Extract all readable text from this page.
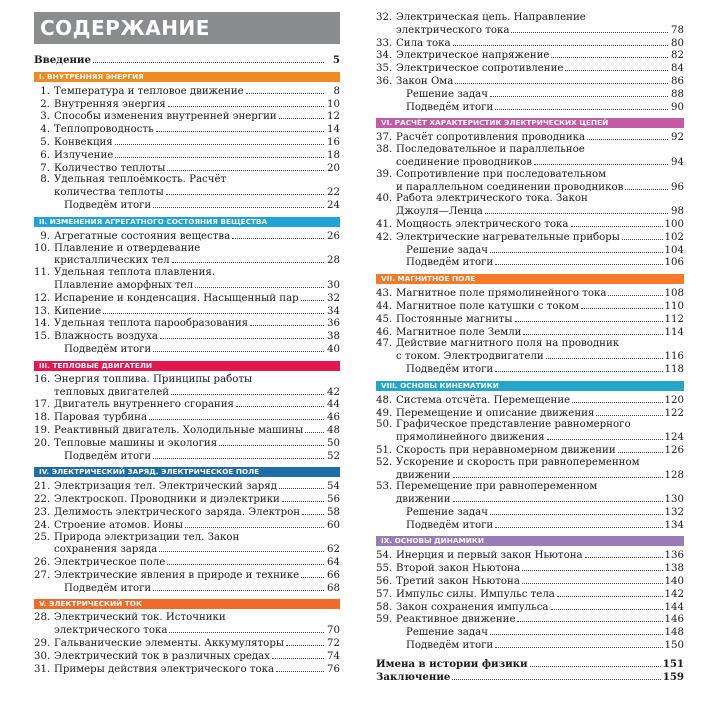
СОДЕРЖАНИЕ
Введение	5
I. ВНУТРЕННЯЯ ЭНЕРГИЯ
1. Температура и тепловое движение	8
2. Внутренняя энергия	10
3. Способы изменения внутренней энергии	12
4. Теплопроводность	14
5. Конвекция	16
6. Излучение	18
7. Количество теплоты	20
8. Удельная теплоёмкость. Расчёт
количества теплоты	22
Подведём итоги	24
II. ИЗМЕНЕНИЯ АГРЕГАТНОГО СОСТОЯНИЯ ВЕЩЕСТВА
9. Агрегатные состояния вещества	26
10. Плавление и отвердевание
кристаллических тел	28
11. Удельная теплота плавления.
Плавление аморфных тел	30
12. Испарение и конденсация. Насыщенный пар	32
13. Кипение	34
14. Удельная теплота парообразования	36
15. Влажность воздуха	38
Подведём итоги	40
III. ТЕПЛОВЫЕ ДВИГАТЕЛИ
16. Энергия топлива. Принципы работы
тепловых двигателей	42
17. Двигатель внутреннего сгорания	44
18. Паровая турбина	46
19. Реактивный двигатель. Холодильные машины 48
20. Тепловые машины и экология	50
Подведём итоги	52
IV. ЭЛЕКТРИЧЕСКИЙ ЗАРЯД. ЭЛЕКТРИЧЕСКОЕ ПОЛЕ
21. Электризация тел. Электрический заряд	54
22. Электроскоп. Проводники и диэлектрики	56
23. Делимость электрического заряда. Электрон	58
24. Строение атомов. Ионы	60
25. Природа электризации тел. Закон
сохранения заряда	62
26. Электрическое поле	64
27. Электрические явления в природе и технике	66
Подведём итоги	68
V. ЭЛЕКТРИЧЕСКИЙ ТОК
28. Электрический ток. Источники
электрического тока	70
29. Гальванические элементы. Аккумуляторы	72
30. Электрический ток в различных средах	74
31. Примеры действия электрического тока	76
32. Электрическая цепь. Направление
электрического тока	78
33. Сила тока	80
34. Электрическое напряжение	82
35. Электрическое сопротивление	84
36. Закон Ома	86
Решение задач	88
Подведём итоги	90
VI. РАСЧЁТ ХАРАКТЕРИСТИК ЭЛЕКТРИЧЕСКИХ ЦЕПЕЙ
37. Расчёт сопротивления проводника	92
38. Последовательное и параллельное
соединение проводников	94
39. Сопротивление при последовательном
и параллельном соединении проводников	96
40. Работа электрического тока. Закон
Джоуля—Ленца	98
41. Мощность электрического тока	100
42. Электрические нагревательные приборы	102
Решение задач	104
Подведём итоги	106
VII. МАГНИТНОЕ ПОЛЕ
43. Магнитное поле прямолинейного тока	108
44. Магнитное поле катушки с током	110
45. Постоянные магниты	112
46. Магнитное поле Земли	114
47. Действие магнитного поля на проводник
с током. Электродвигатели	116
Подведём итоги	118
VIII. ОСНОВЫ КИНЕМАТИКИ
48. Система отсчёта. Перемещение	120
49. Перемещение и описание движения	122
50. Графическое представление равномерного
прямолинейного движения	124
51. Скорость при неравномерном движении	126
52. Ускорение и скорость при равнопеременном
движении	128
53. Перемещение при равнопеременном
движении	130
Решение задач	132
Подведём итоги	134
IX. ОСНОВЫ ДИНАМИКИ
54. Инерция и первый закон Ньютона	136
55. Второй закон Ньютона	138
56. Третий закон Ньютона	140
57. Импульс силы. Импульс тела	142
58. Закон сохранения импульса	144
59. Реактивное движение	146
Решение задач	148
Подведём итоги	150
Имена в истории физики	151
Заключение	159
